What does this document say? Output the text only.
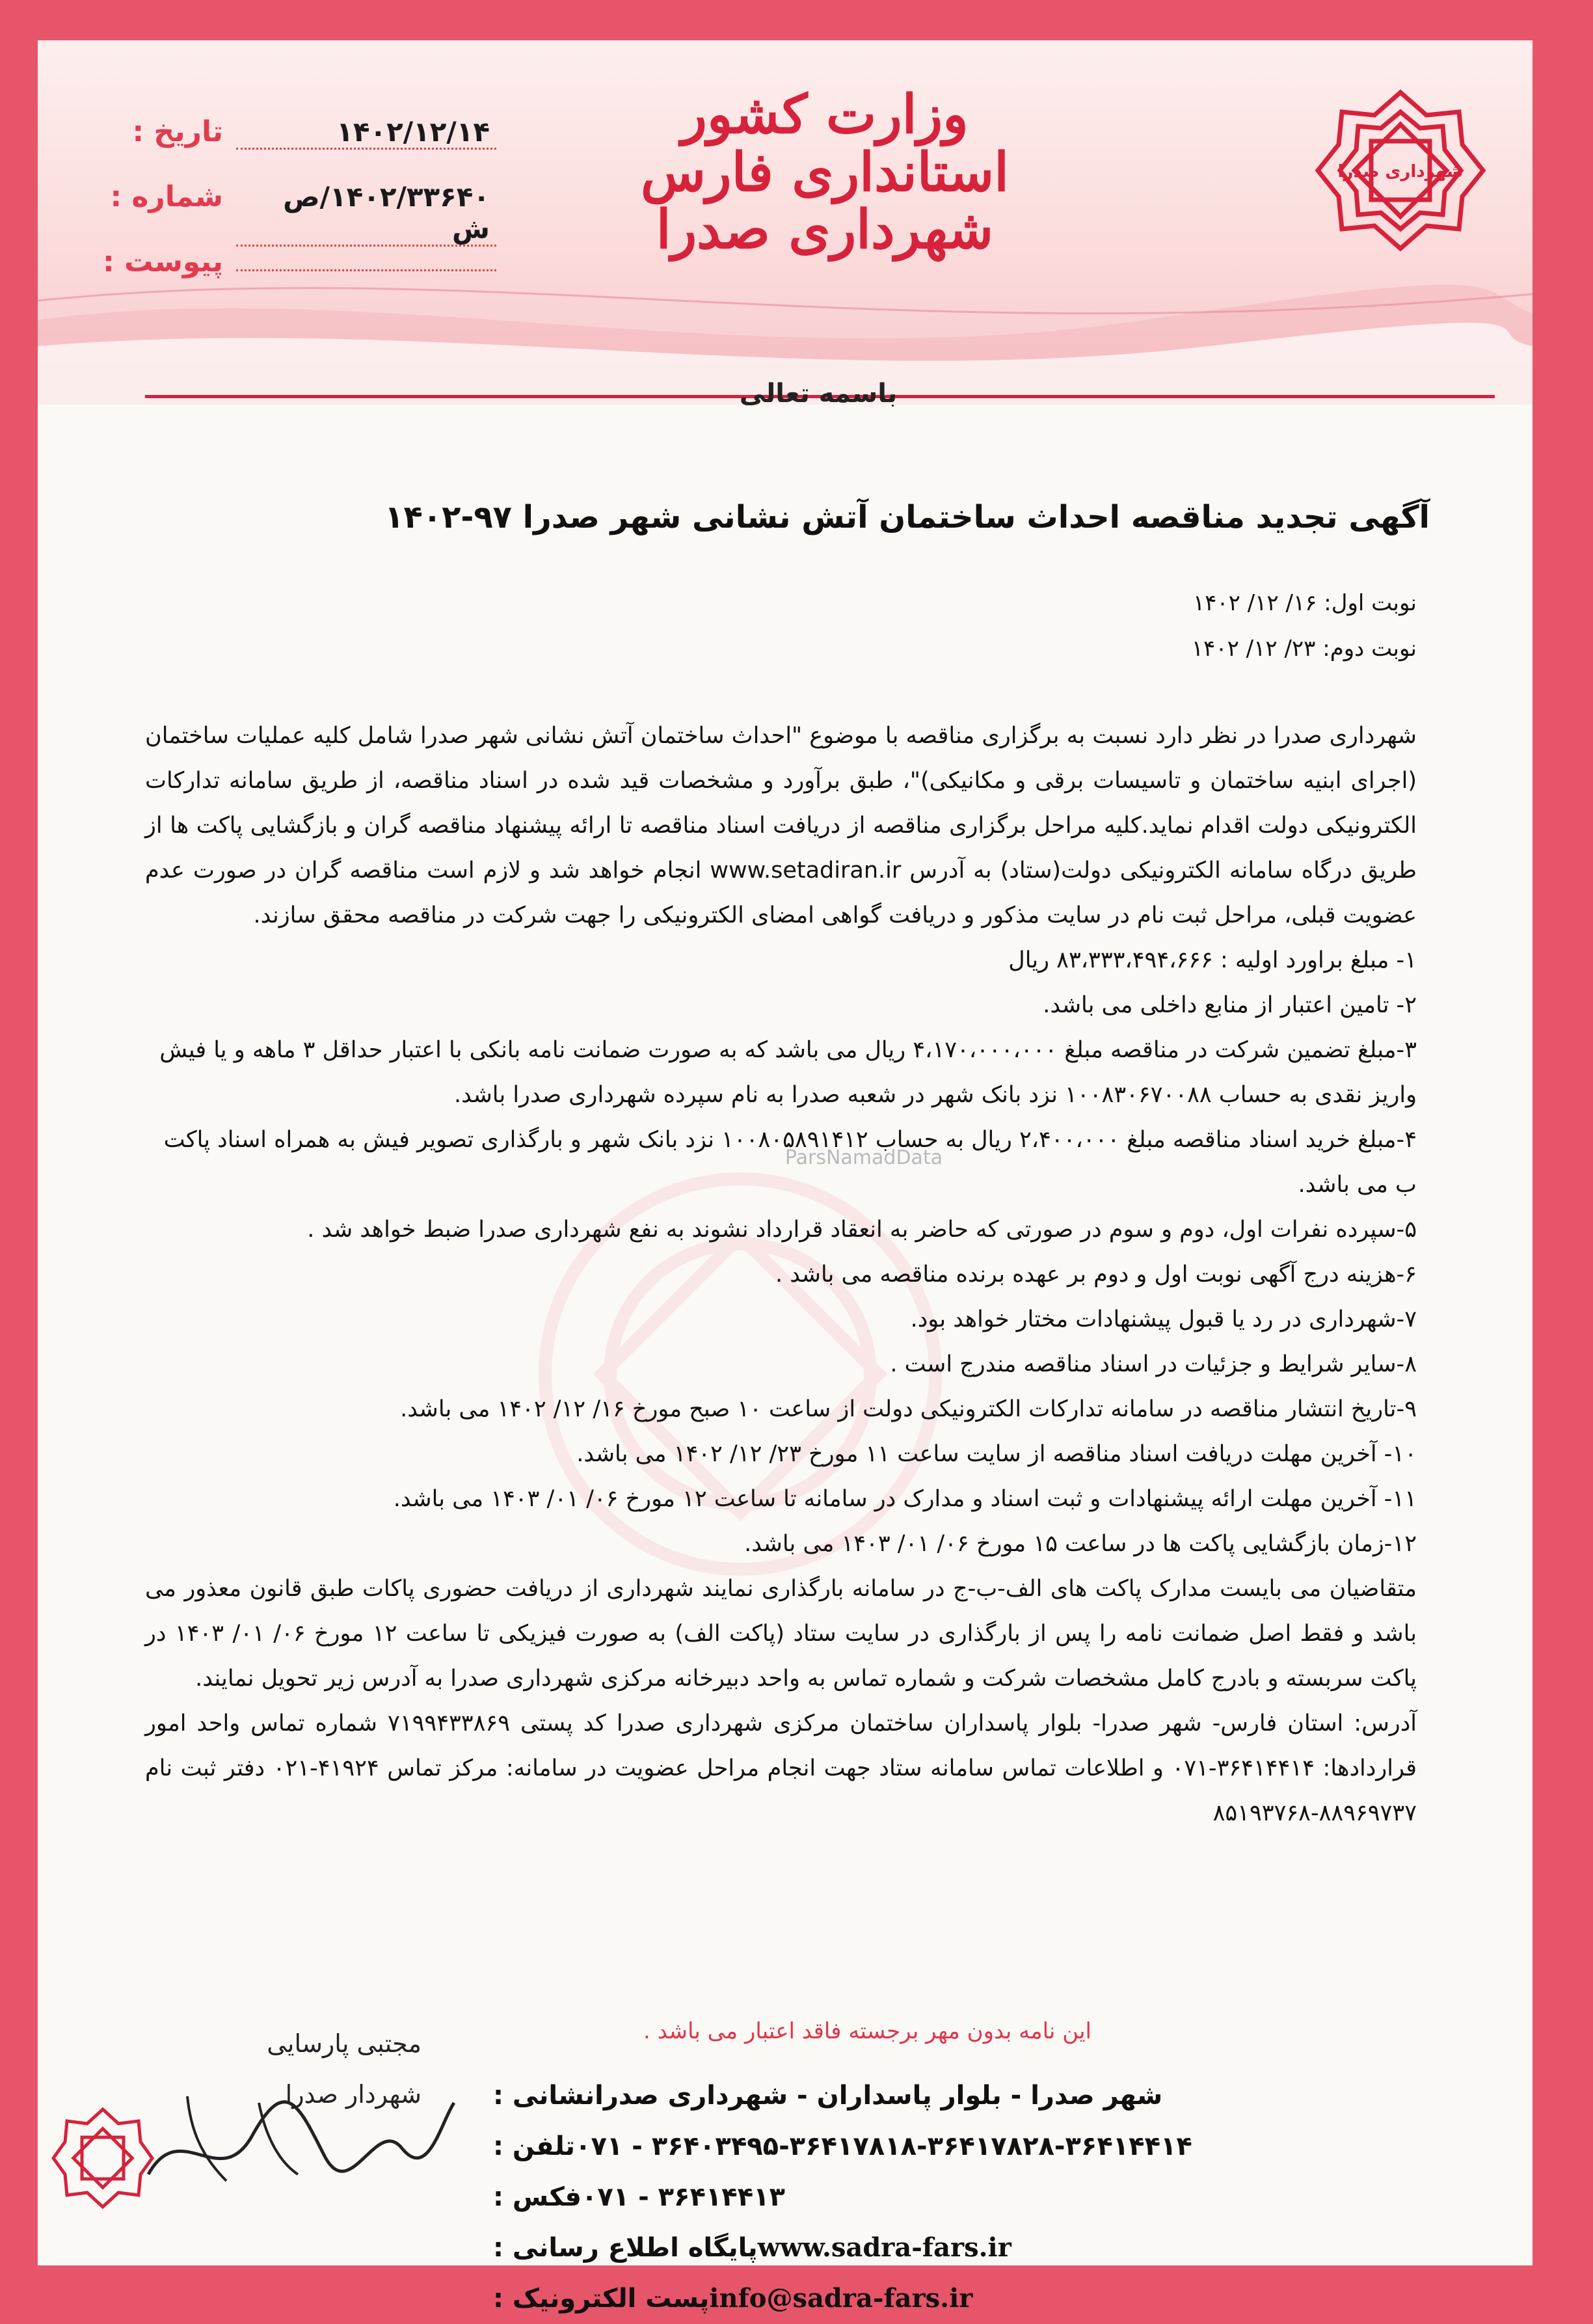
وزارت کشور
استانداری فارس
شهرداری صدرا
تاریخ :	۱۴۰۲/۱۲/۱۴
شماره :	۱۴۰۲/۳۳۶۴۰/ص ش
پیوست :
شهرداری صدرا
باسمه تعالی
آگهی تجدید مناقصه احداث ساختمان آتش نشانی شهر صدرا ۹۷-۱۴۰۲
نوبت اول: ۱۶/ ۱۲/ ۱۴۰۲
نوبت دوم: ۲۳/ ۱۲/ ۱۴۰۲

شهرداری صدرا در نظر دارد نسبت به برگزاری مناقصه با موضوع "احداث ساختمان آتش نشانی شهر صدرا شامل کلیه عملیات ساختمان (اجرای ابنیه ساختمان و تاسیسات برقی و مکانیکی)"، طبق برآورد و مشخصات قید شده در اسناد مناقصه، از طریق سامانه تدارکات الکترونیکی دولت اقدام نماید.کلیه مراحل برگزاری مناقصه از دریافت اسناد مناقصه تا ارائه پیشنهاد مناقصه گران و بازگشایی پاکت ها از طریق درگاه سامانه الکترونیکی دولت(ستاد) به آدرس www.setadiran.ir انجام خواهد شد و لازم است مناقصه گران در صورت عدم عضویت قبلی، مراحل ثبت نام در سایت مذکور و دریافت گواهی امضای الکترونیکی را جهت شرکت در مناقصه محقق سازند.

۱- مبلغ براورد اولیه : ۸۳،۳۳۳،۴۹۴،۶۶۶ ریال

۲- تامین اعتبار از منابع داخلی می باشد.

۳-مبلغ تضمین شرکت در مناقصه مبلغ ۴،۱۷۰،۰۰۰،۰۰۰ ریال می باشد که به صورت ضمانت نامه بانکی با اعتبار حداقل ۳ ماهه و یا فیش واریز نقدی به حساب ۱۰۰۸۳۰۶۷۰۰۸۸ نزد بانک شهر در شعبه صدرا به نام سپرده شهرداری صدرا باشد.

۴-مبلغ خرید اسناد مناقصه مبلغ ۲،۴۰۰،۰۰۰ ریال به حساب ۱۰۰۸۰۵۸۹۱۴۱۲ نزد بانک شهر و بارگذاری تصویر فیش به همراه اسناد پاکت ب می باشد.

۵-سپرده نفرات اول، دوم و سوم در صورتی که حاضر به انعقاد قرارداد نشوند به نفع شهرداری صدرا ضبط خواهد شد .

۶-هزینه درج آگهی نوبت اول و دوم بر عهده برنده مناقصه می باشد .

۷-شهرداری در رد یا قبول پیشنهادات مختار خواهد بود.

۸-سایر شرایط و جزئیات در اسناد مناقصه مندرج است .

۹-تاریخ انتشار مناقصه در سامانه تدارکات الکترونیکی دولت از ساعت ۱۰ صبح مورخ ۱۶/ ۱۲/ ۱۴۰۲ می باشد.

۱۰- آخرین مهلت دریافت اسناد مناقصه از سایت ساعت ۱۱ مورخ ۲۳/ ۱۲/ ۱۴۰۲ می باشد.

۱۱- آخرین مهلت ارائه پیشنهادات و ثبت اسناد و مدارک در سامانه تا ساعت ۱۲ مورخ ۰۶/ ۰۱/ ۱۴۰۳ می باشد.

۱۲-زمان بازگشایی پاکت ها در ساعت ۱۵ مورخ ۰۶/ ۰۱/ ۱۴۰۳ می باشد.

متقاضیان می بایست مدارک پاکت های الف-ب-ج در سامانه بارگذاری نمایند شهرداری از دریافت حضوری پاکات طبق قانون معذور می باشد و فقط اصل ضمانت نامه را پس از بارگذاری در سایت ستاد (پاکت الف) به صورت فیزیکی تا ساعت ۱۲ مورخ ۰۶/ ۰۱/ ۱۴۰۳ در پاکت سربسته و بادرج کامل مشخصات شرکت و شماره تماس به واحد دبیرخانه مرکزی شهرداری صدرا به آدرس زیر تحویل نمایند.

آدرس: استان فارس- شهر صدرا- بلوار پاسداران ساختمان مرکزی شهرداری صدرا کد پستی ۷۱۹۹۴۳۳۸۶۹ شماره تماس واحد امور قراردادها: ۳۶۴۱۴۴۱۴-۰۷۱ و اطلاعات تماس سامانه ستاد جهت انجام مراحل عضویت در سامانه: مرکز تماس ۴۱۹۲۴-۰۲۱ دفتر ثبت نام ۸۸۹۶۹۷۳۷-۸۵۱۹۳۷۶۸

ParsNamadData
این نامه بدون مهر برجسته فاقد اعتبار می باشد .
مجتبی پارسایی
شهردار صدرا	نشانی : شهر صدرا - بلوار پاسداران - شهرداری صدرا
تلفن : ۳۶۴۰۳۴۹۵-۳۶۴۱۷۸۱۸-۳۶۴۱۷۸۲۸-۳۶۴۱۴۴۱۴ - ۰۷۱
فکس : ۳۶۴۱۴۴۱۳ - ۰۷۱
پایگاه اطلاع رسانی : www.sadra-fars.ir
پست الکترونیک : info@sadra-fars.ir
